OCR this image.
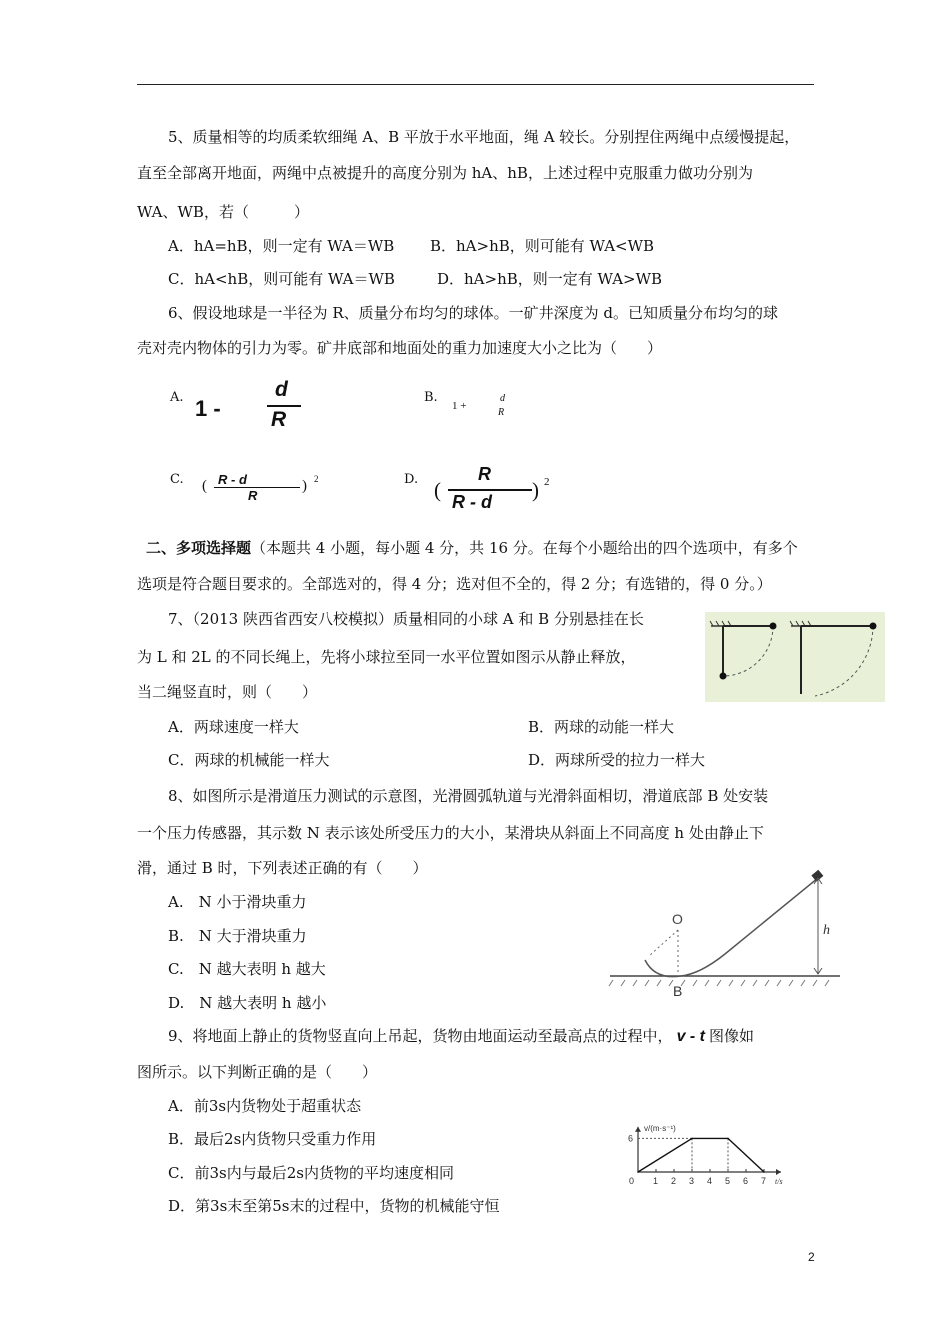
5、质量相等的均质柔软细绳 A、B 平放于水平地面，绳 A 较长。分别捏住两绳中点缓慢提起，
直至全部离开地面，两绳中点被提升的高度分别为 hA、hB，上述过程中克服重力做功分别为
WA、WB，若（　　　）
A．hA=hB，则一定有 WA＝WB B．hA>hB，则可能有 WA<WB
C．hA<hB，则可能有 WA＝WB	D．hA>hB，则一定有 WA>WB
6、假设地球是一半径为 R、质量分布均匀的球体。一矿井深度为 d。已知质量分布均匀的球
壳对壳内物体的引力为零。矿井底部和地面处的重力加速度大小之比为（　　）
A. 1 -
d
R
B.
1 +
d
R
C. ( R - d
R
) 2	D. (
R
R - d ) 2
二、多项选择题（本题共 4 小题，每小题 4 分，共 16 分。在每个小题给出的四个选项中，有多个
选项是符合题目要求的。全部选对的，得 4 分；选对但不全的，得 2 分；有选错的，得 0 分。）
7、（2013 陕西省西安八校模拟）质量相同的小球 A 和 B 分别悬挂在长
为 L 和 2L 的不同长绳上，先将小球拉至同一水平位置如图示从静止释放，
当二绳竖直时，则（　　）
A．两球速度一样大	B．两球的动能一样大
C．两球的机械能一样大	D．两球所受的拉力一样大
8、如图所示是滑道压力测试的示意图，光滑圆弧轨道与光滑斜面相切，滑道底部 B 处安装
一个压力传感器，其示数 N 表示该处所受压力的大小，某滑块从斜面上不同高度 h 处由静止下
滑，通过 B 时，下列表述正确的有（　　）
A.　N 小于滑块重力
B.　N 大于滑块重力
C.　N 越大表明 h 越大
D.　N 越大表明 h 越小
h
O
B
9、将地面上静止的货物竖直向上吊起，货物由地面运动至最高点的过程中， v - t 图像如
图所示。以下判断正确的是（　　）
A．前3s内货物处于超重状态
B．最后2s内货物只受重力作用
C．前3s内与最后2s内货物的平均速度相同
D．第3s末至第5s末的过程中，货物的机械能守恒
v/(m·s⁻¹)
t/s
0 1 2 3 4 5 6 7
6
2
